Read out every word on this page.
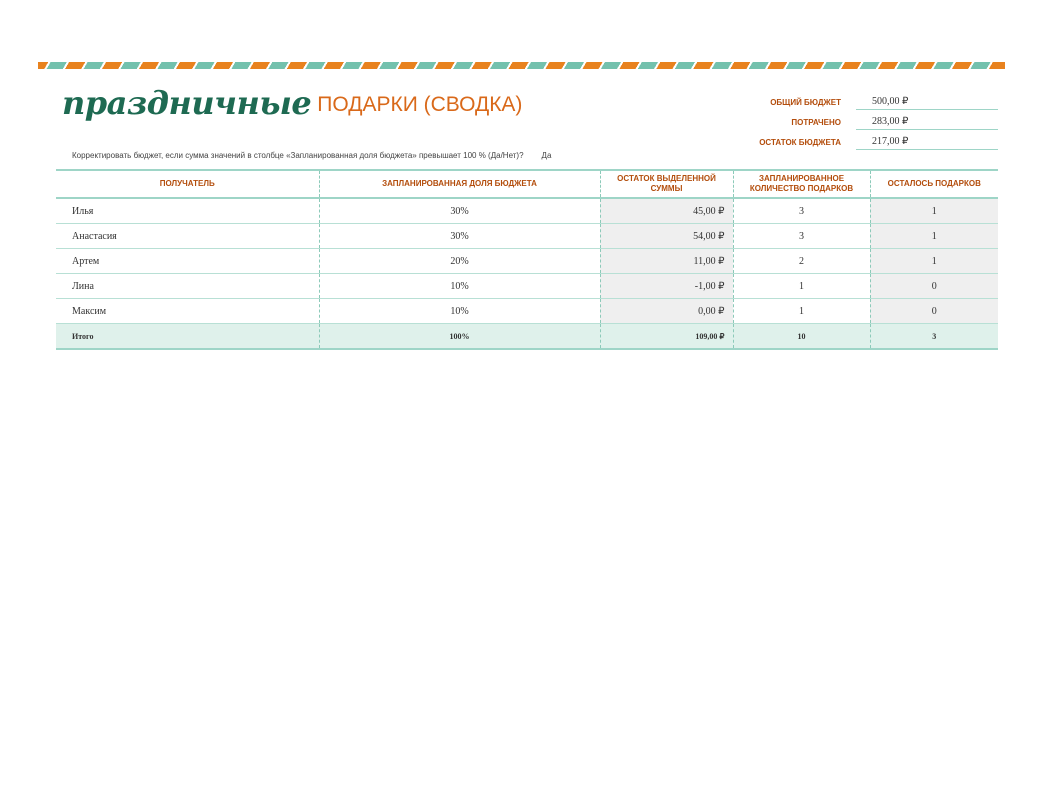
праздничные ПОДАРКИ (СВОДКА)	ОБЩИЙ БЮДЖЕТ	500,00 ₽
ПОТРАЧЕНО	283,00 ₽
ОСТАТОК БЮДЖЕТА	217,00 ₽
Корректировать бюджет, если сумма значений в столбце «Запланированная доля бюджета» превышает 100 % (Да/Нет)? Да
ПОЛУЧАТЕЛЬ	ЗАПЛАНИРОВАННАЯ ДОЛЯ БЮДЖЕТА	ОСТАТОК ВЫДЕЛЕННОЙ СУММЫ	ЗАПЛАНИРОВАННОЕ КОЛИЧЕСТВО ПОДАРКОВ	ОСТАЛОСЬ ПОДАРКОВ
Илья	30%	45,00 ₽	3	1
Анастасия	30%	54,00 ₽	3	1
Артем	20%	11,00 ₽	2	1
Лина	10%	-1,00 ₽	1	0
Максим	10%	0,00 ₽	1	0
Итого	100%	109,00 ₽	10	3
